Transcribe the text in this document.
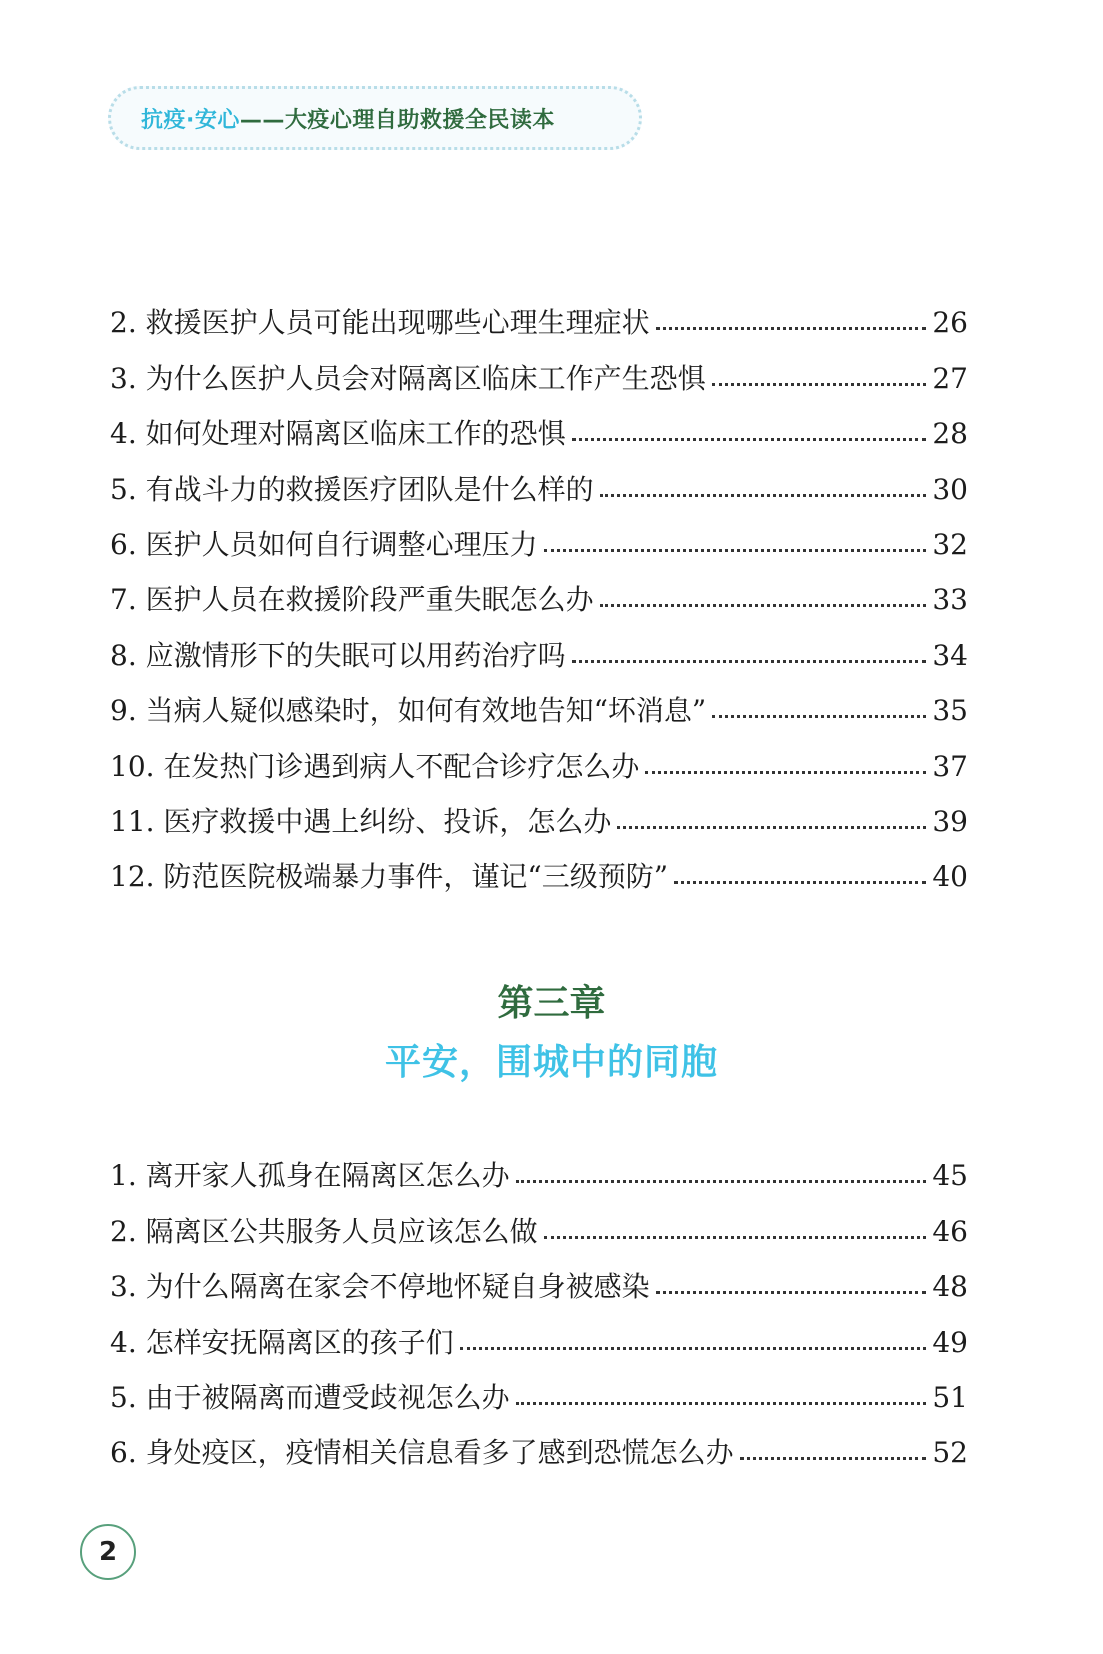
抗疫·安心 ——大疫心理自助救援全民读本
2. 救援医护人员可能出现哪些心理生理症状	26
3. 为什么医护人员会对隔离区临床工作产生恐惧	27
4. 如何处理对隔离区临床工作的恐惧	28
5. 有战斗力的救援医疗团队是什么样的	30
6. 医护人员如何自行调整心理压力	32
7. 医护人员在救援阶段严重失眠怎么办	33
8. 应激情形下的失眠可以用药治疗吗	34
9. 当病人疑似感染时，如何有效地告知“坏消息”	35
10. 在发热门诊遇到病人不配合诊疗怎么办	37
11. 医疗救援中遇上纠纷、投诉，怎么办	39
12. 防范医院极端暴力事件，谨记“三级预防”	40
第三章
平安，围城中的同胞
1. 离开家人孤身在隔离区怎么办	45
2. 隔离区公共服务人员应该怎么做	46
3. 为什么隔离在家会不停地怀疑自身被感染	48
4. 怎样安抚隔离区的孩子们	49
5. 由于被隔离而遭受歧视怎么办	51
6. 身处疫区，疫情相关信息看多了感到恐慌怎么办	52
2
